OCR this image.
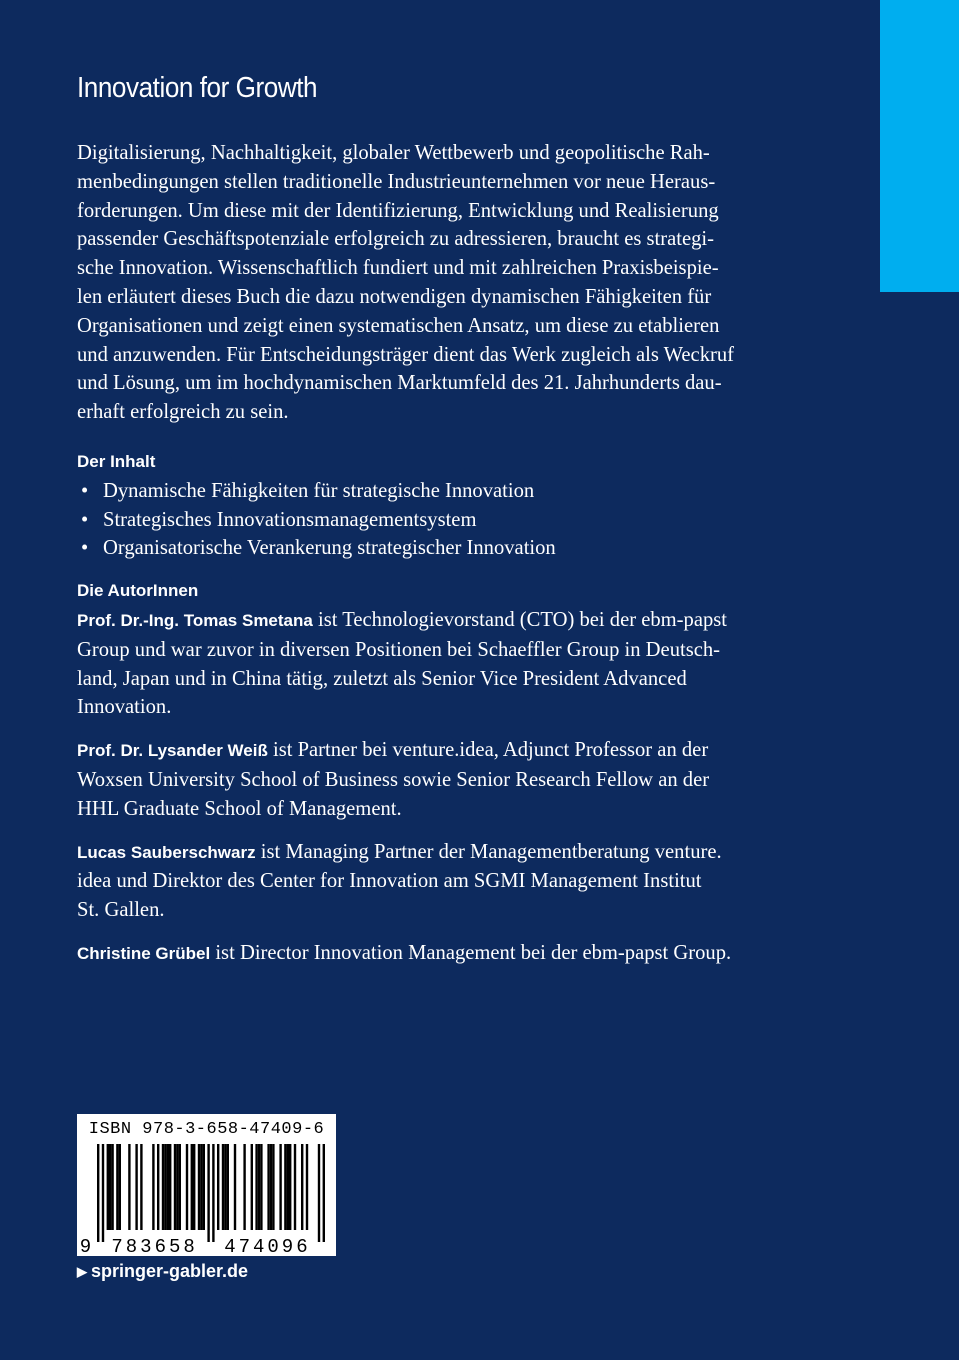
Innovation for Growth
Digitalisierung, Nachhaltigkeit, globaler Wettbewerb und geopolitische Rah-
menbedingungen stellen traditionelle Industrieunternehmen vor neue Heraus-
forderungen. Um diese mit der Identifizierung, Entwicklung und Realisierung
passender Geschäftspotenziale erfolgreich zu adressieren, braucht es strategi-
sche Innovation. Wissenschaftlich fundiert und mit zahlreichen Praxisbeispie-
len erläutert dieses Buch die dazu notwendigen dynamischen Fähigkeiten für
Organisationen und zeigt einen systematischen Ansatz, um diese zu etablieren
und anzuwenden. Für Entscheidungsträger dient das Werk zugleich als Weckruf
und Lösung, um im hochdynamischen Marktumfeld des 21. Jahrhunderts dau-
erhaft erfolgreich zu sein.
Der Inhalt
• Dynamische Fähigkeiten für strategische Innovation
• Strategisches Innovationsmanagementsystem
• Organisatorische Verankerung strategischer Innovation
Die AutorInnen
Prof. Dr.-Ing. Tomas Smetana ist Technologievorstand (CTO) bei der ebm-papst
Group und war zuvor in diversen Positionen bei Schaeffler Group in Deutsch-
land, Japan und in China tätig, zuletzt als Senior Vice President Advanced
Innovation.
Prof. Dr. Lysander Weiß ist Partner bei venture.idea, Adjunct Professor an der
Woxsen University School of Business sowie Senior Research Fellow an der
HHL Graduate School of Management.
Lucas Sauberschwarz ist Managing Partner der Managementberatung venture.
idea und Direktor des Center for Innovation am SGMI Management Institut
St. Gallen.
Christine Grübel ist Director Innovation Management bei der ebm-papst Group.
ISBN 978-3-658-47409-6
9 783658 474096
▶ springer-gabler.de
